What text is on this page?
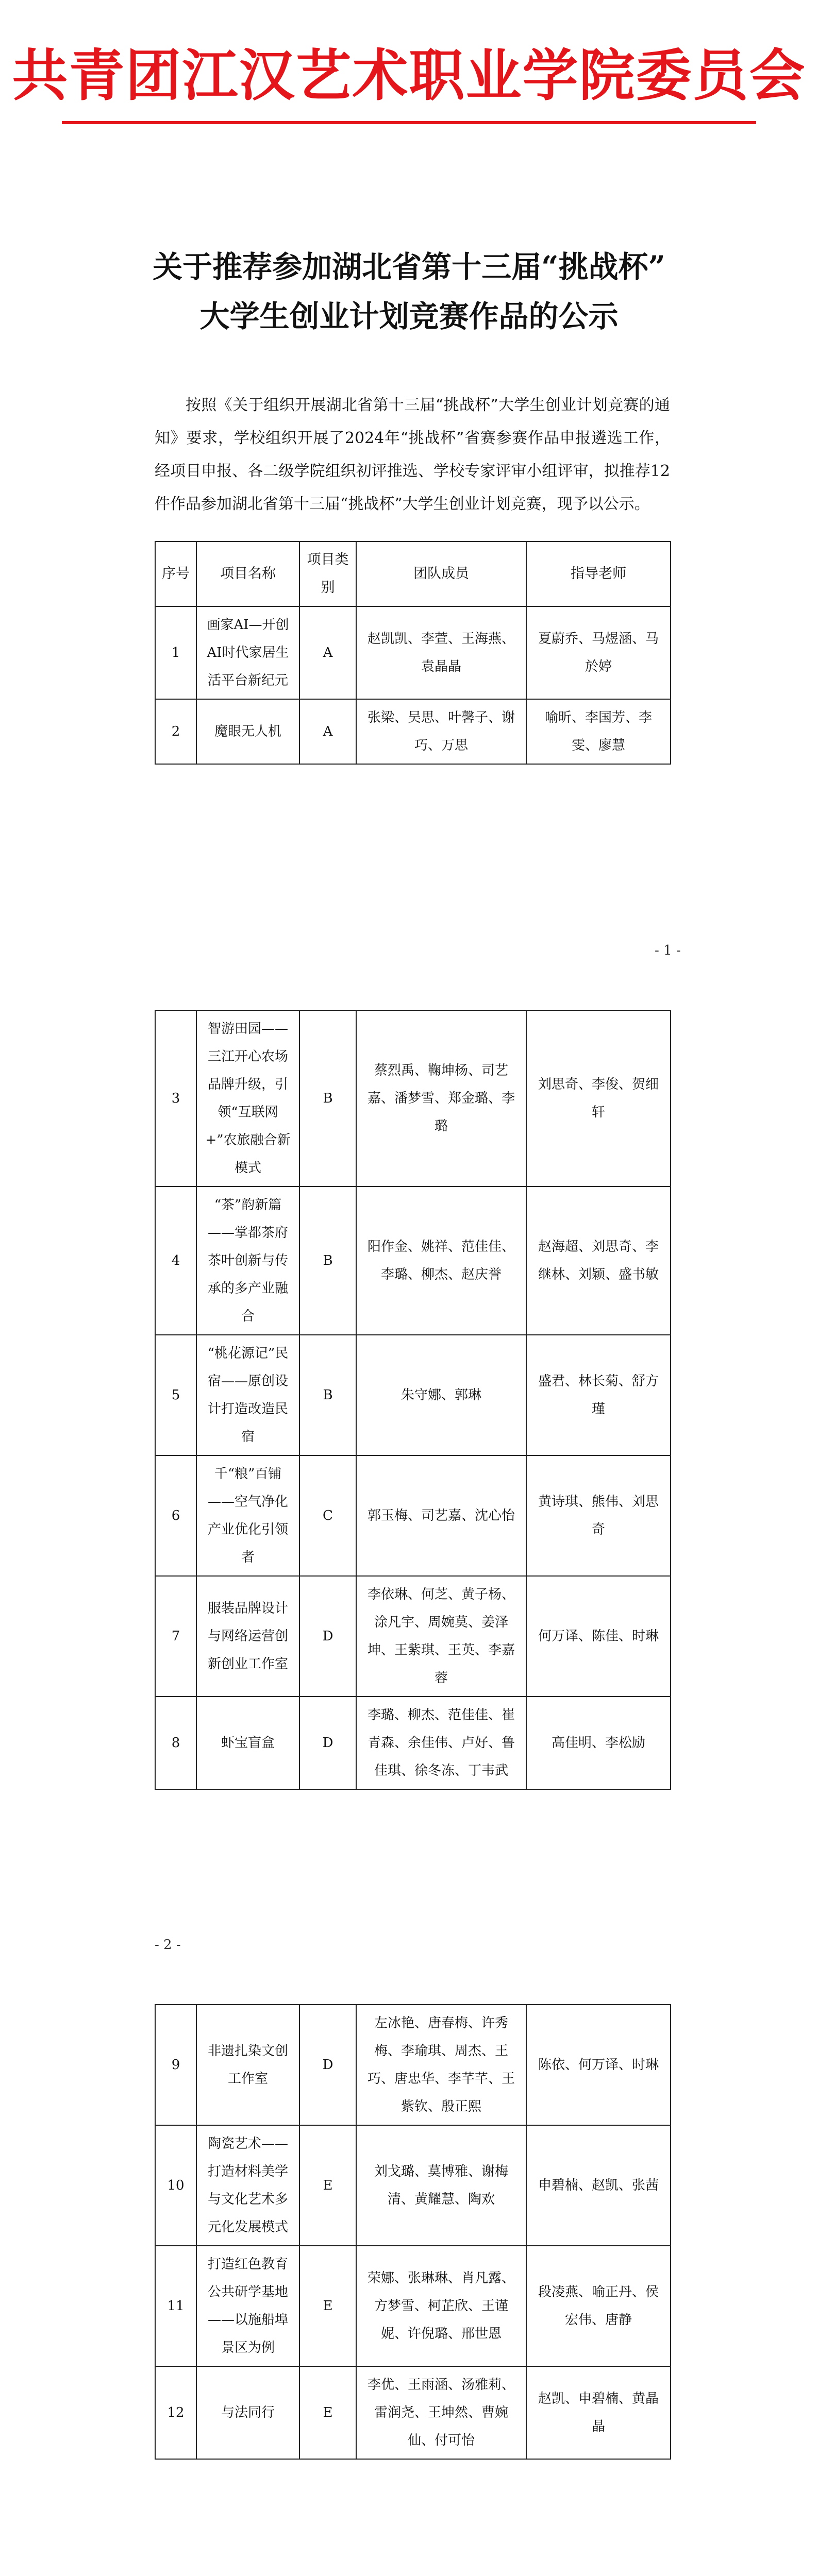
共青团江汉艺术职业学院委员会
关于推荐参加湖北省第十三届“挑战杯”
大学生创业计划竞赛作品的公示
按照《关于组织开展湖北省第十三届“挑战杯”大学生创业计划竞赛的通知》要求，学校组织开展了2024年“挑战杯”省赛参赛作品申报遴选工作，经项目申报、各二级学院组织初评推选、学校专家评审小组评审，拟推荐12件作品参加湖北省第十三届“挑战杯”大学生创业计划竞赛，现予以公示。
序号	项目名称	项目类别	团队成员	指导老师
1	画家AI—开创AI时代家居生活平台新纪元	A	赵凯凯、李萱、王海燕、袁晶晶	夏蔚乔、马煜涵、马於婷
2	魔眼无人机	A	张梁、吴思、叶馨子、谢巧、万思	喻昕、李国芳、李雯、廖慧
- 1 -
3	智游田园——三江开心农场品牌升级，引领“互联网+”农旅融合新模式	B	蔡烈禹、鞠坤杨、司艺嘉、潘梦雪、郑金璐、李璐	刘思奇、李俊、贺细轩
4	“茶”韵新篇——掌都茶府茶叶创新与传承的多产业融合	B	阳作金、姚祥、范佳佳、李璐、柳杰、赵庆誉	赵海超、刘思奇、李继林、刘颖、盛书敏
5	“桃花源记”民宿——原创设计打造改造民宿	B	朱守娜、郭琳	盛君、林长菊、舒方瑾
6	千“粮”百铺——空气净化产业优化引领者	C	郭玉梅、司艺嘉、沈心怡	黄诗琪、熊伟、刘思奇
7	服装品牌设计与网络运营创新创业工作室	D	李依琳、何芝、黄子杨、涂凡宇、周婉莫、姜泽坤、王紫琪、王英、李嘉蓉	何万译、陈佳、时琳
8	虾宝盲盒	D	李璐、柳杰、范佳佳、崔青森、余佳伟、卢好、鲁佳琪、徐冬冻、丁韦武	高佳明、李松励
- 2 -
9	非遗扎染文创工作室	D	左冰艳、唐春梅、许秀梅、李瑜琪、周杰、王巧、唐忠华、李芊芊、王紫钦、殷正熙	陈依、何万译、时琳
10	陶瓷艺术——打造材料美学与文化艺术多元化发展模式	E	刘戈璐、莫博雅、谢梅清、黄耀慧、陶欢	申碧楠、赵凯、张茜
11	打造红色教育公共研学基地——以施船埠景区为例	E	荣娜、张琳琳、肖凡露、方梦雪、柯芷欣、王谨妮、许倪璐、邢世恩	段凌燕、喻正丹、侯宏伟、唐静
12	与法同行	E	李优、王雨涵、汤雅莉、雷润尧、王坤然、曹婉仙、付可怡	赵凯、申碧楠、黄晶晶
